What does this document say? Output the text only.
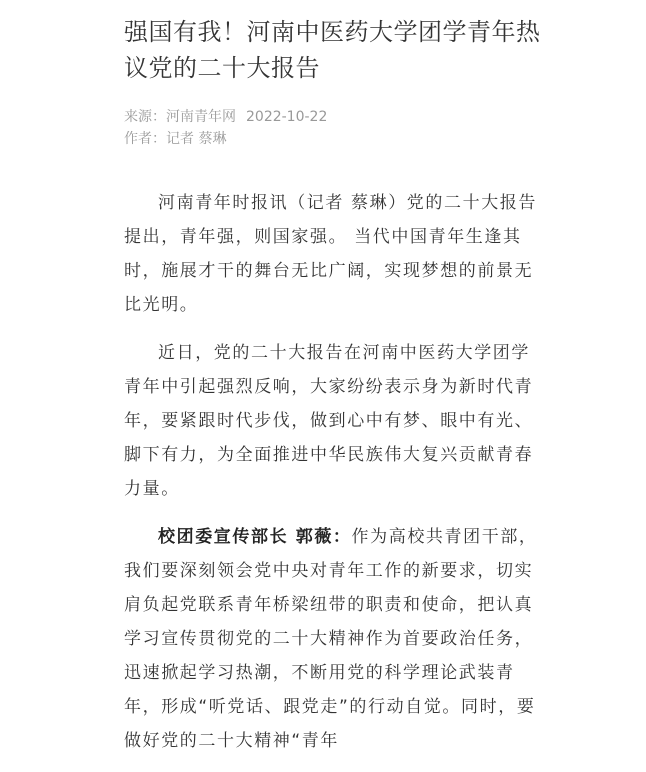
强国有我！河南中医药大学团学青年热议党的二十大报告
来源：河南青年网 2022-10-22
作者：记者 蔡琳

河南青年时报讯（记者 蔡琳）党的二十大报告提出，青年强，则国家强。 当代中国青年生逢其时，施展才干的舞台无比广阔，实现梦想的前景无比光明。

近日，党的二十大报告在河南中医药大学团学青年中引起强烈反响，大家纷纷表示身为新时代青年，要紧跟时代步伐，做到心中有梦、眼中有光、脚下有力，为全面推进中华民族伟大复兴贡献青春力量。

校团委宣传部长 郭薇：作为高校共青团干部，我们要深刻领会党中央对青年工作的新要求，切实肩负起党联系青年桥梁纽带的职责和使命，把认真学习宣传贯彻党的二十大精神作为首要政治任务，迅速掀起学习热潮，不断用党的科学理论武装青年，形成“听党话、跟党走”的行动自觉。同时，要做好党的二十大精神“青年
